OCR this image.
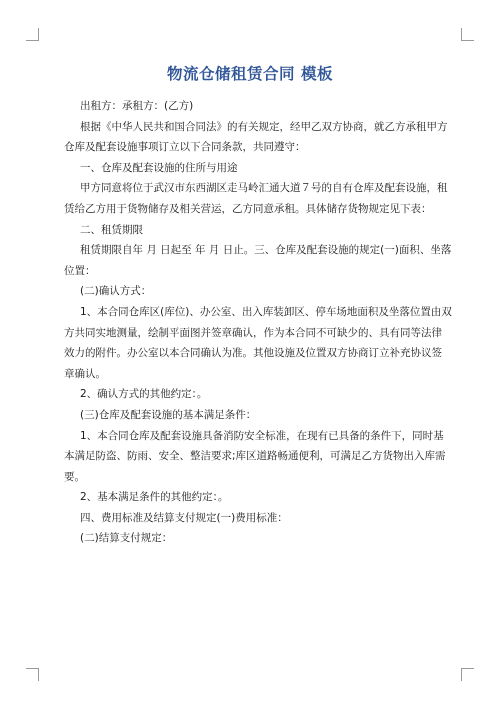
物流仓储租赁合同 模板

出租方：承租方：(乙方)

根据《中华人民共和国合同法》的有关规定，经甲乙双方协商，就乙方承租甲方仓库及配套设施事项订立以下合同条款，共同遵守：

一、仓库及配套设施的住所与用途

甲方同意将位于武汉市东西湖区走马岭汇通大道７号的自有仓库及配套设施，租赁给乙方用于货物储存及相关营运，乙方同意承租。具体储存货物规定见下表：

二、租赁期限

租赁期限自年 月 日起至 年 月 日止。三、仓库及配套设施的规定(一)面积、坐落位置：

(二)确认方式：

1、本合同仓库区(库位)、办公室、出入库装卸区、停车场地面积及坐落位置由双方共同实地测量，绘制平面图并签章确认，作为本合同不可缺少的、具有同等法律效力的附件。办公室以本合同确认为准。其他设施及位置双方协商订立补充协议签章确认。

2、确认方式的其他约定：。

(三)仓库及配套设施的基本满足条件：

1、本合同仓库及配套设施具备消防安全标准，在现有已具备的条件下，同时基本满足防盗、防雨、安全、整洁要求;库区道路畅通便利，可满足乙方货物出入库需要。

2、基本满足条件的其他约定：。

四、费用标准及结算支付规定(一)费用标准：

(二)结算支付规定：
